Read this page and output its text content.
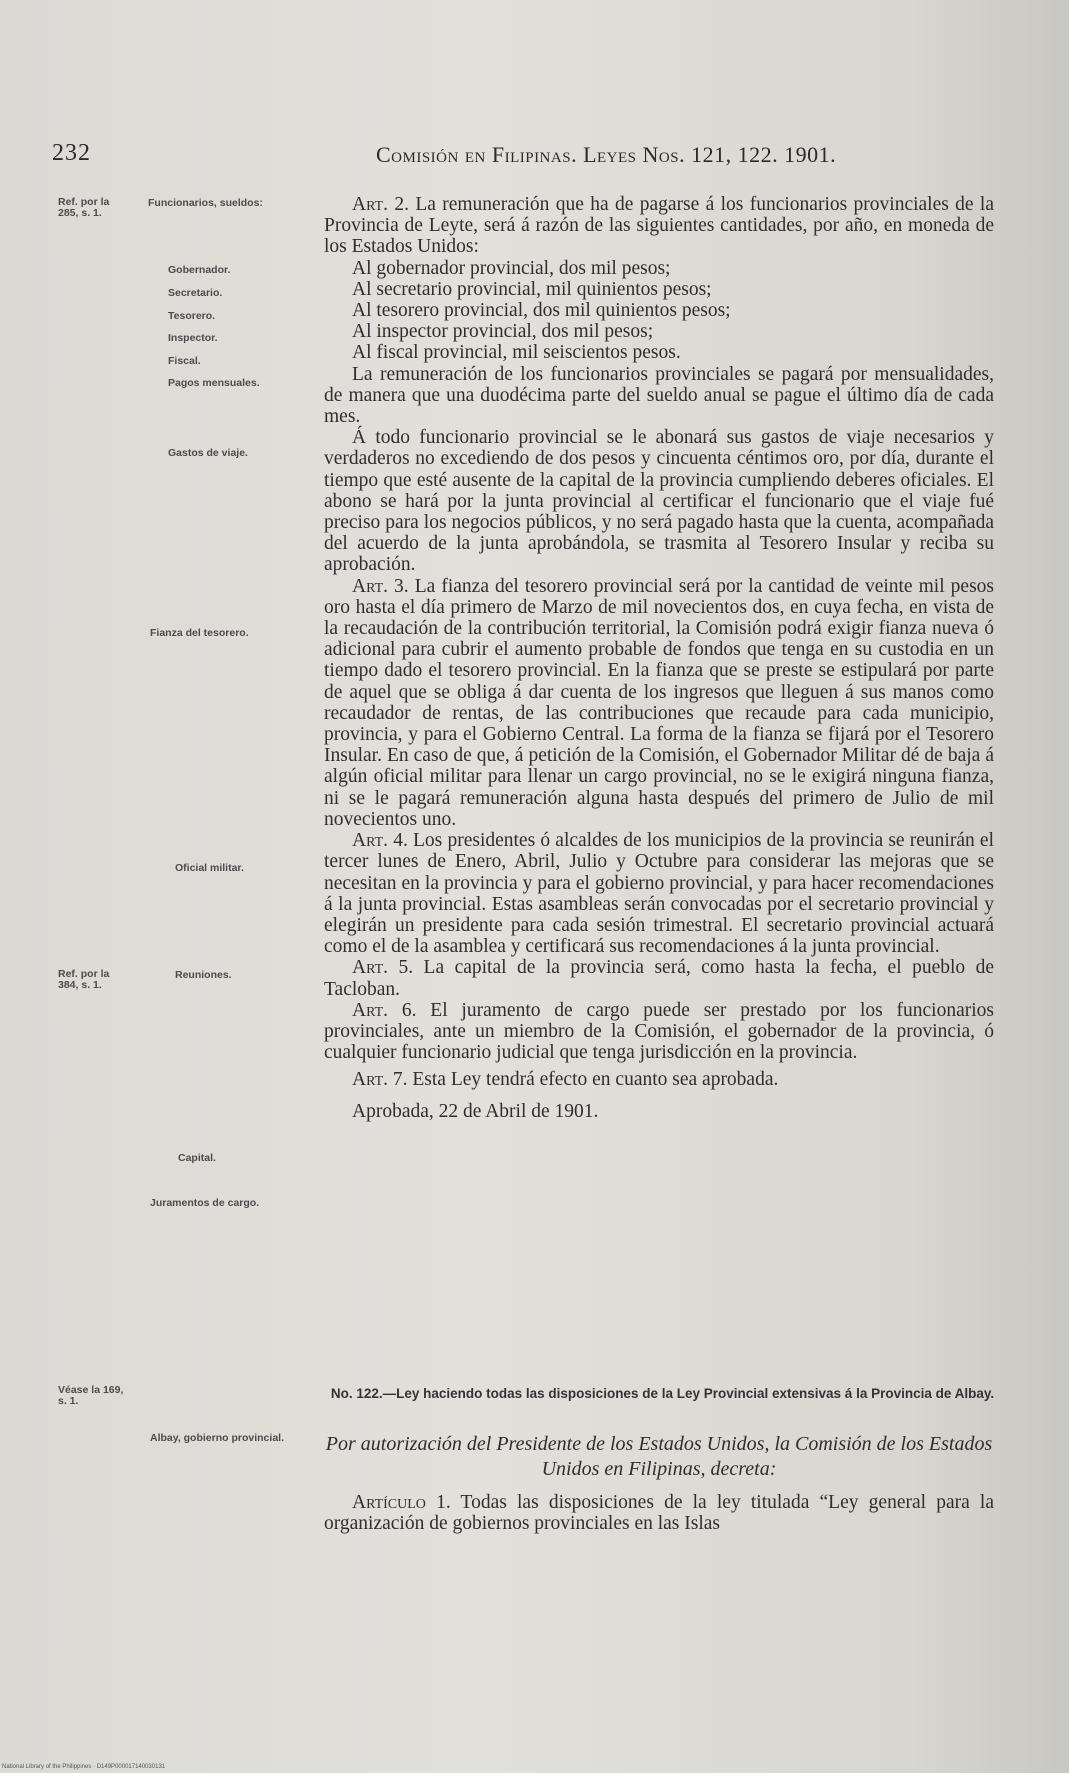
232	Comisión en Filipinas. Leyes Nos. 121, 122. 1901.
Ref. por la 285, s. 1.
Ref. por la 384, s. 1.
Véase la 169, s. 1.
Funcionarios, sueldos:
Gobernador.
Secretario.
Tesorero.
Inspector.
Fiscal.
Pagos mensuales.
Gastos de viaje.
Fianza del tesorero.
Oficial militar.
Reuniones.
Capital.
Juramentos de cargo.
Albay, gobierno provincial.

Art. 2. La remuneración que ha de pagarse á los funcionarios provinciales de la Provincia de Leyte, será á razón de las siguientes cantidades, por año, en moneda de los Estados Unidos:

Al gobernador provincial, dos mil pesos;

Al secretario provincial, mil quinientos pesos;

Al tesorero provincial, dos mil quinientos pesos;

Al inspector provincial, dos mil pesos;

Al fiscal provincial, mil seiscientos pesos.

La remuneración de los funcionarios provinciales se pagará por mensualidades, de manera que una duodécima parte del sueldo anual se pague el último día de cada mes.

Á todo funcionario provincial se le abonará sus gastos de viaje necesarios y verdaderos no excediendo de dos pesos y cincuenta céntimos oro, por día, durante el tiempo que esté ausente de la capital de la provincia cumpliendo deberes oficiales. El abono se hará por la junta provincial al certificar el funcionario que el viaje fué preciso para los negocios públicos, y no será pagado hasta que la cuenta, acompañada del acuerdo de la junta aprobándola, se trasmita al Tesorero Insular y reciba su aprobación.

Art. 3. La fianza del tesorero provincial será por la cantidad de veinte mil pesos oro hasta el día primero de Marzo de mil novecientos dos, en cuya fecha, en vista de la recaudación de la contribución territorial, la Comisión podrá exigir fianza nueva ó adicional para cubrir el aumento probable de fondos que tenga en su custodia en un tiempo dado el tesorero provincial. En la fianza que se preste se estipulará por parte de aquel que se obliga á dar cuenta de los ingresos que lleguen á sus manos como recaudador de rentas, de las contribuciones que recaude para cada municipio, provincia, y para el Gobierno Central. La forma de la fianza se fijará por el Tesorero Insular. En caso de que, á petición de la Comisión, el Gobernador Militar dé de baja á algún oficial militar para llenar un cargo provincial, no se le exigirá ninguna fianza, ni se le pagará remuneración alguna hasta después del primero de Julio de mil novecientos uno.

Art. 4. Los presidentes ó alcaldes de los municipios de la provincia se reunirán el tercer lunes de Enero, Abril, Julio y Octubre para considerar las mejoras que se necesitan en la provincia y para el gobierno provincial, y para hacer recomendaciones á la junta provincial. Estas asambleas serán convocadas por el secretario provincial y elegirán un presidente para cada sesión trimestral. El secretario provincial actuará como el de la asamblea y certificará sus recomendaciones á la junta provincial.

Art. 5. La capital de la provincia será, como hasta la fecha, el pueblo de Tacloban.

Art. 6. El juramento de cargo puede ser prestado por los funcionarios provinciales, ante un miembro de la Comisión, el gobernador de la provincia, ó cualquier funcionario judicial que tenga jurisdicción en la provincia.

Art. 7. Esta Ley tendrá efecto en cuanto sea aprobada.

Aprobada, 22 de Abril de 1901.

No. 122.—Ley haciendo todas las disposiciones de la Ley Provincial extensivas á la Provincia de Albay.
Por autorización del Presidente de los Estados Unidos, la Comisión de los Estados Unidos en Filipinas, decreta:

Artículo 1. Todas las disposiciones de la ley titulada “Ley general para la organización de gobiernos provinciales en las Islas

National Library of the Philippines · D149P000017140030131
